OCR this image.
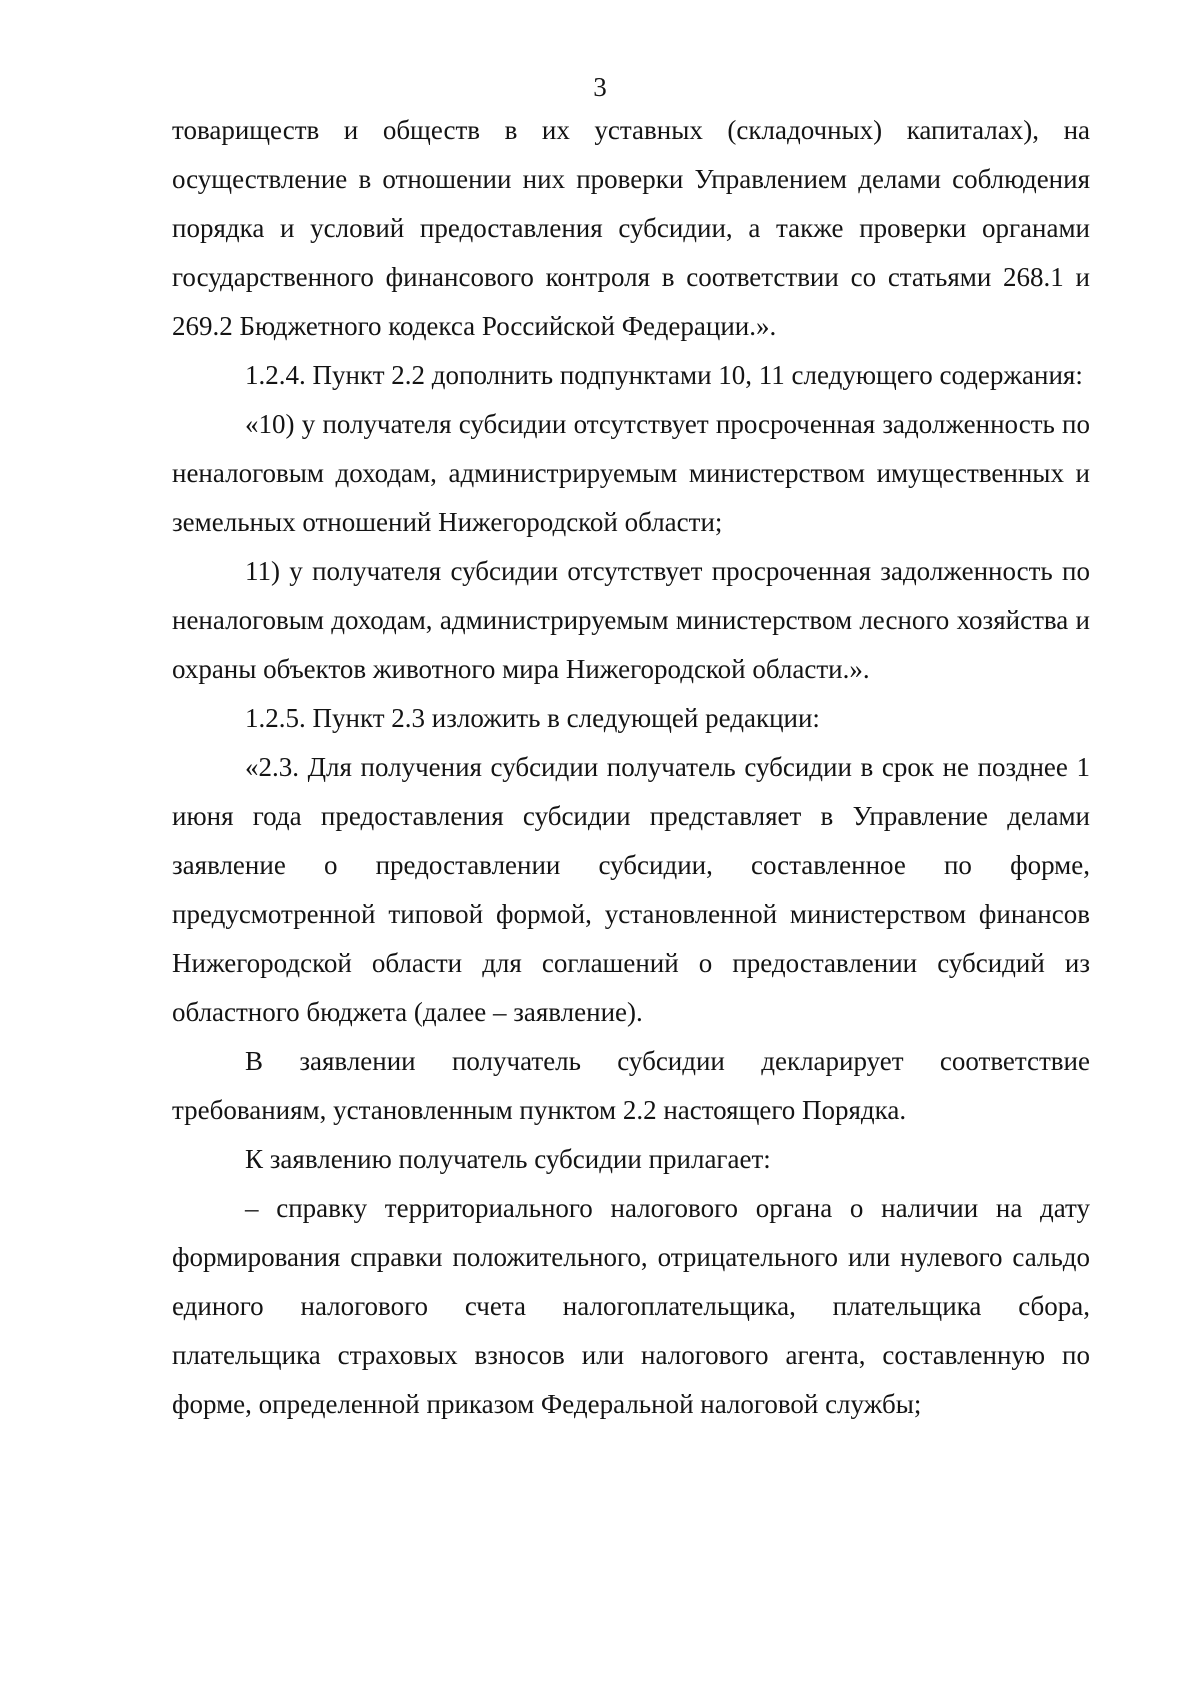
3

товариществ и обществ в их уставных (складочных) капиталах), на осуществление в отношении них проверки Управлением делами соблюдения порядка и условий предоставления субсидии, а также проверки органами государственного финансового контроля в соответствии со статьями 268.1 и 269.2 Бюджетного кодекса Российской Федерации.».

1.2.4. Пункт 2.2 дополнить подпунктами 10, 11 следующего содержания:

«10) у получателя субсидии отсутствует просроченная задолженность по неналоговым доходам, администрируемым министерством имущественных и земельных отношений Нижегородской области;

11) у получателя субсидии отсутствует просроченная задолженность по неналоговым доходам, администрируемым министерством лесного хозяйства и охраны объектов животного мира Нижегородской области.».

1.2.5. Пункт 2.3 изложить в следующей редакции:

«2.3. Для получения субсидии получатель субсидии в срок не позднее 1 июня года предоставления субсидии представляет в Управление делами заявление о предоставлении субсидии, составленное по форме, предусмотренной типовой формой, установленной министерством финансов Нижегородской области для соглашений о предоставлении субсидий из областного бюджета (далее – заявление).

В заявлении получатель субсидии декларирует соответствие требованиям, установленным пунктом 2.2 настоящего Порядка.

К заявлению получатель субсидии прилагает:

– справку территориального налогового органа о наличии на дату формирования справки положительного, отрицательного или нулевого сальдо единого налогового счета налогоплательщика, плательщика сбора, плательщика страховых взносов или налогового агента, составленную по форме, определенной приказом Федеральной налоговой службы;
